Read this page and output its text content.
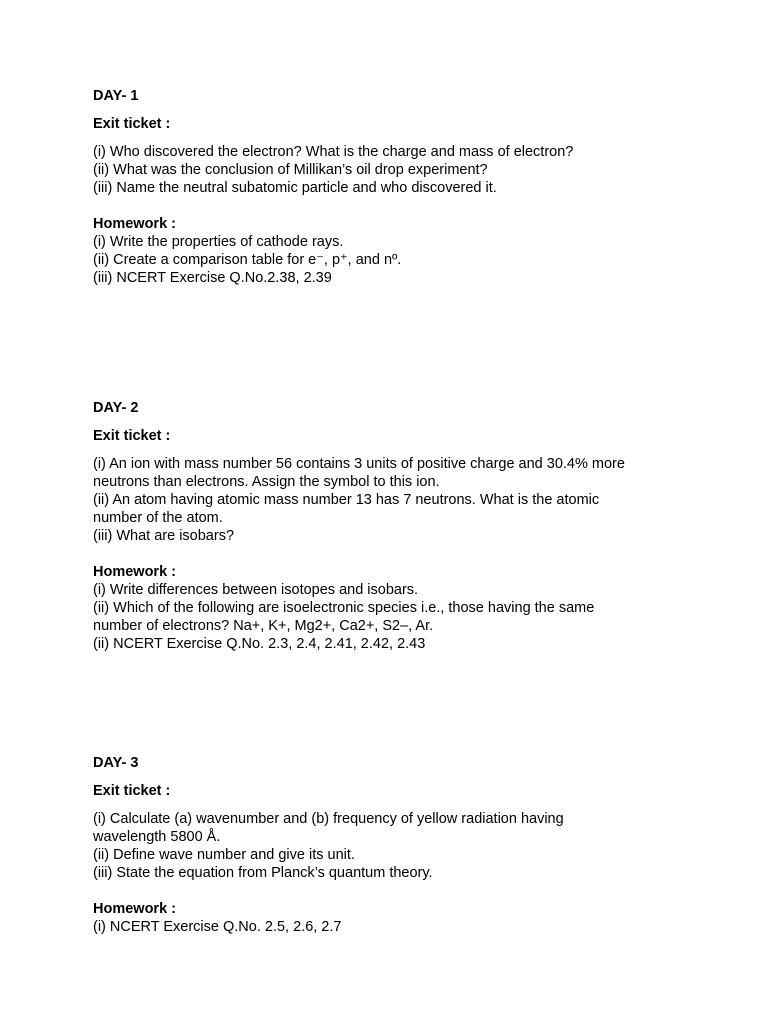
DAY- 1

Exit ticket :

(i) Who discovered the electron? What is the charge and mass of electron?
(ii) What was the conclusion of Millikan’s oil drop experiment?
(iii) Name the neutral subatomic particle and who discovered it.

Homework :

(i) Write the properties of cathode rays.
(ii) Create a comparison table for e⁻, p⁺, and nº.
(iii) NCERT Exercise Q.No.2.38, 2.39

DAY- 2

Exit ticket :

(i) An ion with mass number 56 contains 3 units of positive charge and 30.4% more
neutrons than electrons. Assign the symbol to this ion.
(ii) An atom having atomic mass number 13 has 7 neutrons. What is the atomic
number of the atom.
(iii) What are isobars?

Homework :

(i) Write differences between isotopes and isobars.
(ii) Which of the following are isoelectronic species i.e., those having the same
number of electrons? Na+, K+, Mg2+, Ca2+, S2–, Ar.
(ii) NCERT Exercise Q.No. 2.3, 2.4, 2.41, 2.42, 2.43

DAY- 3

Exit ticket :

(i) Calculate (a) wavenumber and (b) frequency of yellow radiation having
wavelength 5800 Å.
(ii) Define wave number and give its unit.
(iii) State the equation from Planck’s quantum theory.

Homework :

(i) NCERT Exercise Q.No. 2.5, 2.6, 2.7
